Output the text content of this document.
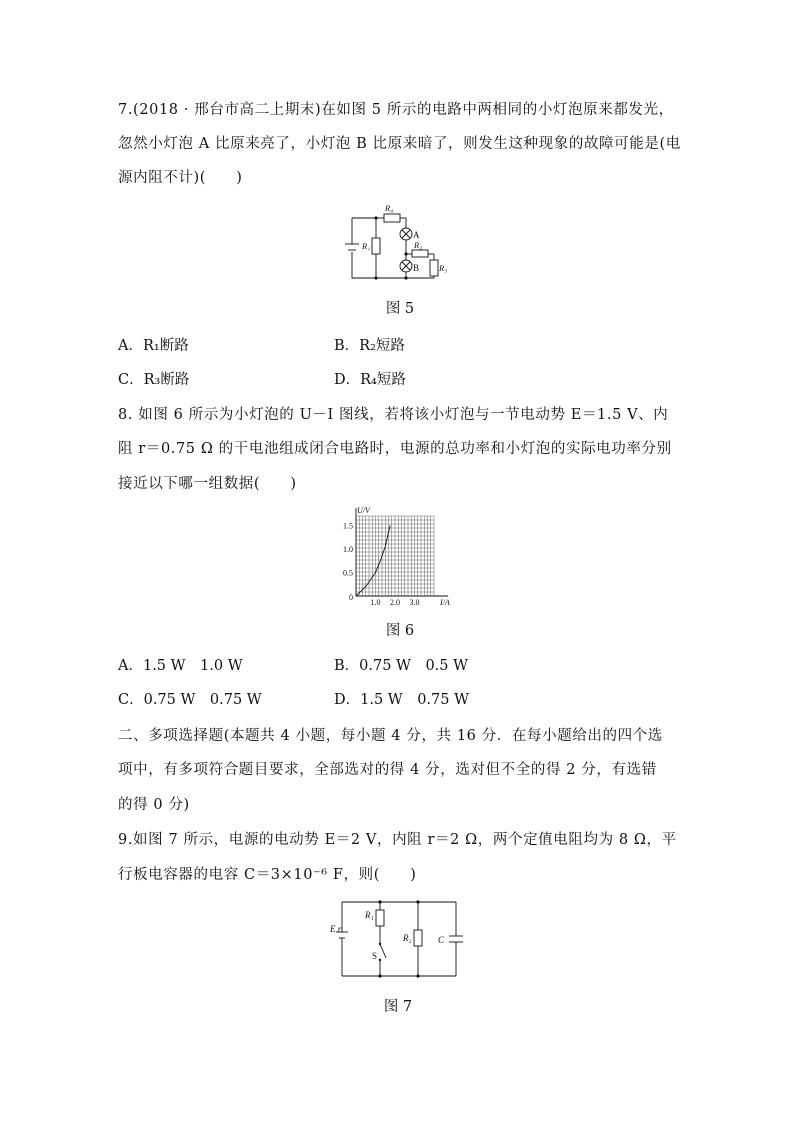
7.(2018 · 邢台市高二上期末)在如图 5 所示的电路中两相同的小灯泡原来都发光，
忽然小灯泡 A 比原来亮了，小灯泡 B 比原来暗了，则发生这种现象的故障可能是(电
源内阻不计)(　　)
R₄
R₁	R₂
R₃
A
B
图 5
A．R₁断路	B．R₂短路
C．R₃断路	D．R₄短路
8. 如图 6 所示为小灯泡的 U－I 图线，若将该小灯泡与一节电动势 E＝1.5 V、内
阻 r＝0.75 Ω 的干电池组成闭合电路时，电源的总功率和小灯泡的实际电功率分别
接近以下哪一组数据(　　)
1.0 2.0 3.0
0
0.5
1.0
1.5
I/A
U/V
图 6
A．1.5 W　1.0 W	B．0.75 W　0.5 W
C．0.75 W　0.75 W	D．1.5 W　0.75 W
二、多项选择题(本题共 4 小题，每小题 4 分，共 16 分．在每小题给出的四个选
项中，有多项符合题目要求，全部选对的得 4 分，选对但不全的得 2 分，有选错
的得 0 分)
9.如图 7 所示，电源的电动势 E＝2 V，内阻 r＝2 Ω，两个定值电阻均为 8 Ω，平
行板电容器的电容 C＝3×10⁻⁶ F，则(　　)
E r
R₁
R₂	C
S
图 7
